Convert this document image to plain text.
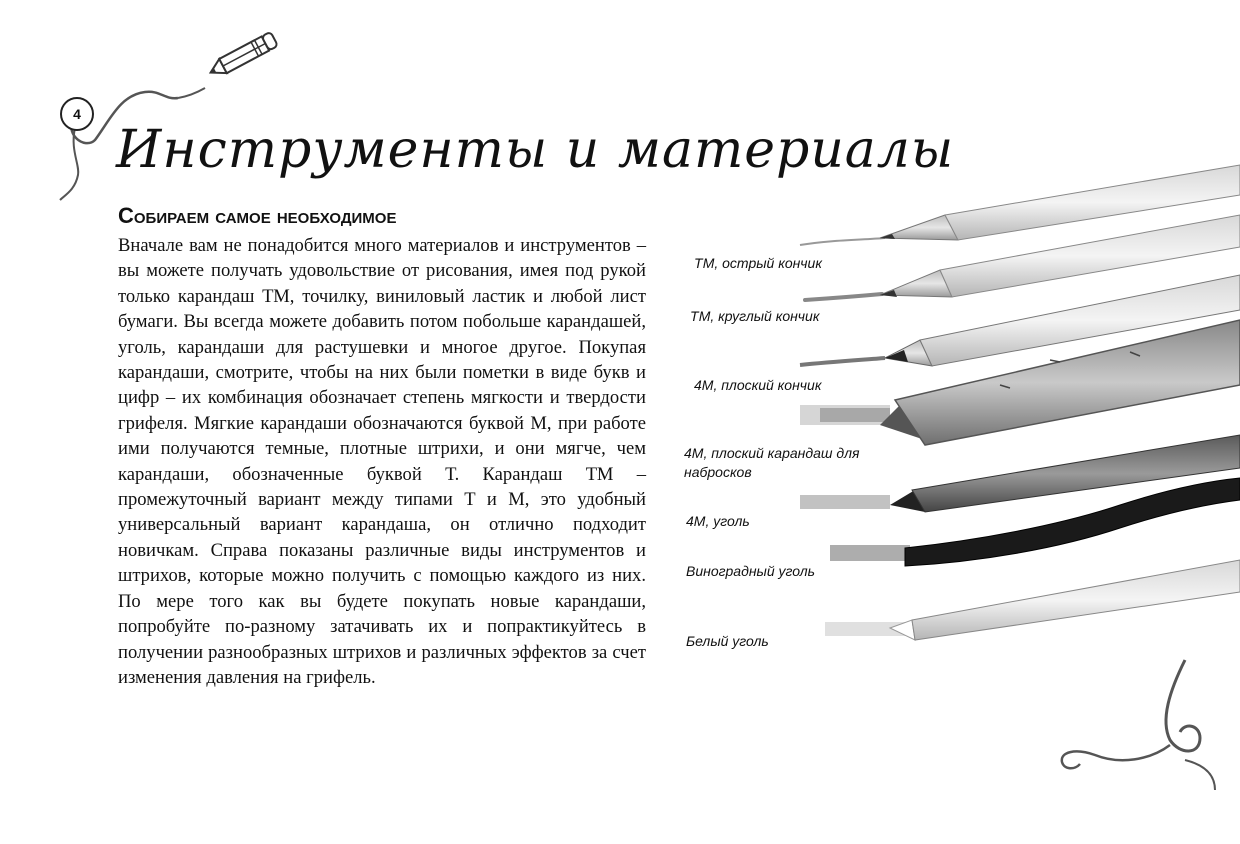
4
Инструменты и материалы
Собираем самое необходимое

Вначале вам не понадобится много материалов и инструментов – вы можете получать удовольствие от рисования, имея под рукой только карандаш ТМ, точилку, виниловый ластик и любой лист бумаги. Вы всегда можете добавить потом побольше карандашей, уголь, карандаши для растушевки и многое другое. Покупая карандаши, смотрите, чтобы на них были пометки в виде букв и цифр – их комбинация обозначает степень мягкости и твердости грифеля. Мягкие карандаши обозначаются буквой М, при работе ими получаются темные, плотные штрихи, и они мягче, чем карандаши, обозначенные буквой Т. Карандаш ТМ – промежуточный вариант между типами Т и М, это удобный универсальный вариант карандаша, он отлично подходит новичкам. Справа показаны различные виды инструментов и штрихов, которые можно получить с помощью каждого из них. По мере того как вы будете покупать новые карандаши, попробуйте по-разному затачивать их и попрактикуйтесь в получении разнообразных штрихов и различных эффектов за счет изменения давления на грифель.

ТМ, острый кончик

ТМ, круглый кончик

4М, плоский кончик

4М, плоский карандаш для набросков

4М, уголь

Виноградный уголь

Белый уголь
